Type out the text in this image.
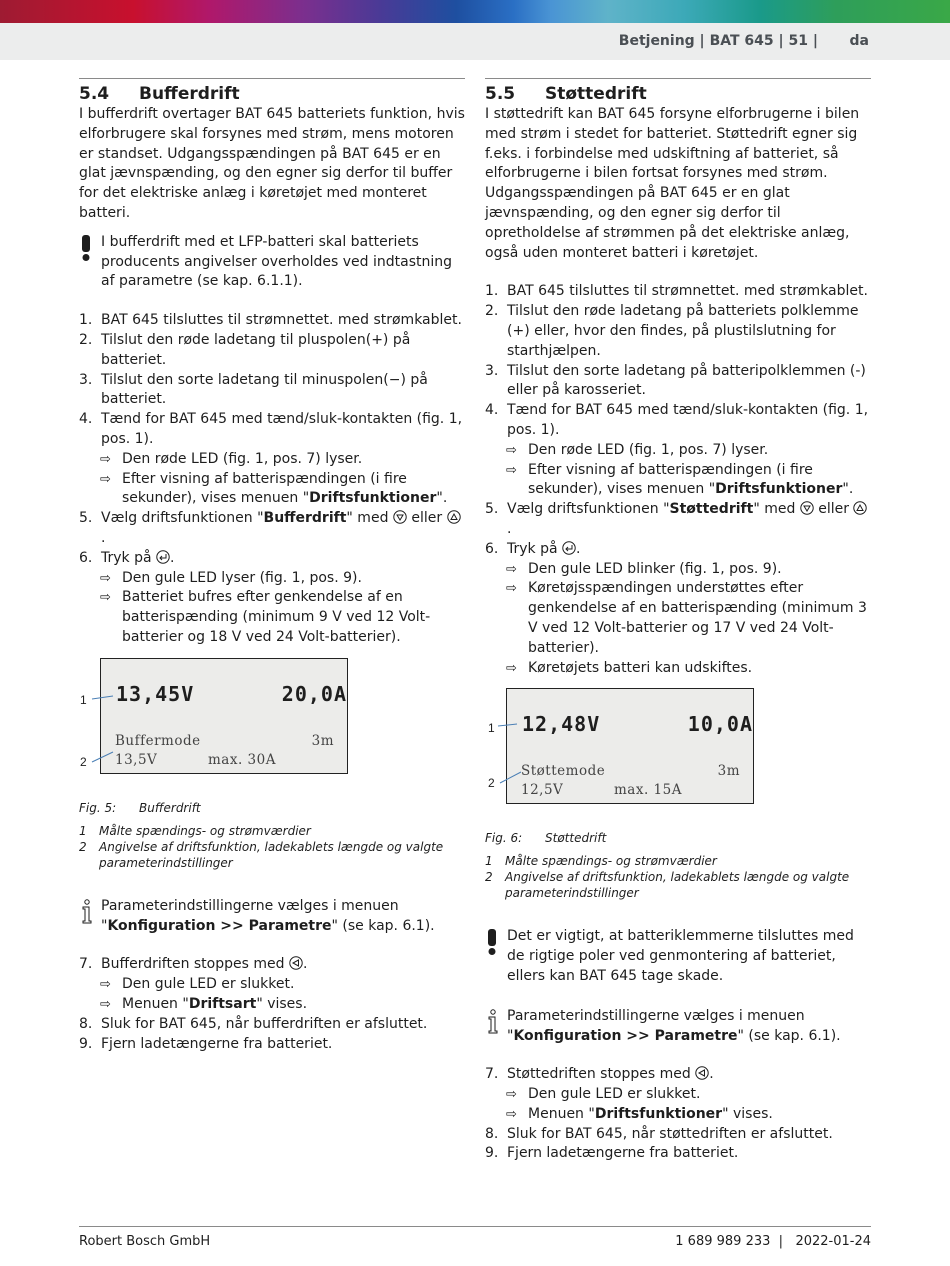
Betjening | BAT 645 | 51 | da
5.4 Bufferdrift

I bufferdrift overtager BAT 645 batteriets funktion, hvis elforbrugere skal forsynes med strøm, mens motoren er standset. Udgangsspændingen på BAT 645 er en glat jævnspænding, og den egner sig derfor til buffer for det elektriske anlæg i køretøjet med monteret batteri.

I bufferdrift med et LFP-batteri skal batteriets producents angivelser overholdes ved indtastning af parametre (se kap. 6.1.1).

1. BAT 645 tilsluttes til strømnettet. med strømkablet.
2. Tilslut den røde ladetang til pluspolen(+) på batteriet.
3. Tilslut den sorte ladetang til minuspolen(−) på batteriet.
4. Tænd for BAT 645 med tænd/sluk-kontakten (fig. 1, pos. 1).
⇨ Den røde LED (fig. 1, pos. 7) lyser.
⇨ Efter visning af batterispændingen (i fire sekunder), vises menuen "Driftsfunktioner".
5. Vælg driftsfunktionen "Bufferdrift" med eller .
6. Tryk på .
⇨ Den gule LED lyser (fig. 1, pos. 9).
⇨ Batteriet bufres efter genkendelse af en batterispænding (minimum 9 V ved 12 Volt-batterier og 18 V ved 24 Volt-batterier).
13,45V	20,0A
Buffermode	3m
13,5V	max. 30A
1
2
Fig. 5: Bufferdrift
1 Målte spændings- og strømværdier
2 Angivelse af driftsfunktion, ladekablets længde og valgte parameterindstillinger

Parameterindstillingerne vælges i menuen "Konfiguration >> Parametre" (se kap. 6.1).

7. Bufferdriften stoppes med .
⇨ Den gule LED er slukket.
⇨ Menuen "Driftsart" vises.
8. Sluk for BAT 645, når bufferdriften er afsluttet.
9. Fjern ladetængerne fra batteriet.
5.5 Støttedrift

I støttedrift kan BAT 645 forsyne elforbrugerne i bilen med strøm i stedet for batteriet. Støttedrift egner sig f.eks. i forbindelse med udskiftning af batteriet, så elforbrugerne i bilen fortsat forsynes med strøm. Udgangsspændingen på BAT 645 er en glat jævnspænding, og den egner sig derfor til opretholdelse af strømmen på det elektriske anlæg, også uden monteret batteri i køretøjet.

1. BAT 645 tilsluttes til strømnettet. med strømkablet.
2. Tilslut den røde ladetang på batteriets polklemme (+) eller, hvor den findes, på plustilslutning for starthjælpen.
3. Tilslut den sorte ladetang på batteripolklemmen (-) eller på karosseriet.
4. Tænd for BAT 645 med tænd/sluk-kontakten (fig. 1, pos. 1).
⇨ Den røde LED (fig. 1, pos. 7) lyser.
⇨ Efter visning af batterispændingen (i fire sekunder), vises menuen "Driftsfunktioner".
5. Vælg driftsfunktionen "Støttedrift" med eller .
6. Tryk på .
⇨ Den gule LED blinker (fig. 1, pos. 9).
⇨ Køretøjsspændingen understøttes efter genkendelse af en batterispænding (minimum 3 V ved 12 Volt-batterier og 17 V ved 24 Volt-batterier).
⇨ Køretøjets batteri kan udskiftes.
12,48V	10,0A
Støttemode	3m
12,5V	max. 15A
1
2
Fig. 6: Støttedrift
1 Målte spændings- og strømværdier
2 Angivelse af driftsfunktion, ladekablets længde og valgte parameterindstillinger

Det er vigtigt, at batteriklemmerne tilsluttes med de rigtige poler ved genmontering af batteriet, ellers kan BAT 645 tage skade.

Parameterindstillingerne vælges i menuen "Konfiguration >> Parametre" (se kap. 6.1).

7. Støttedriften stoppes med .
⇨ Den gule LED er slukket.
⇨ Menuen "Driftsfunktioner" vises.
8. Sluk for BAT 645, når støttedriften er afsluttet.
9. Fjern ladetængerne fra batteriet.
Robert Bosch GmbH	1 689 989 233  |   2022-01-24
